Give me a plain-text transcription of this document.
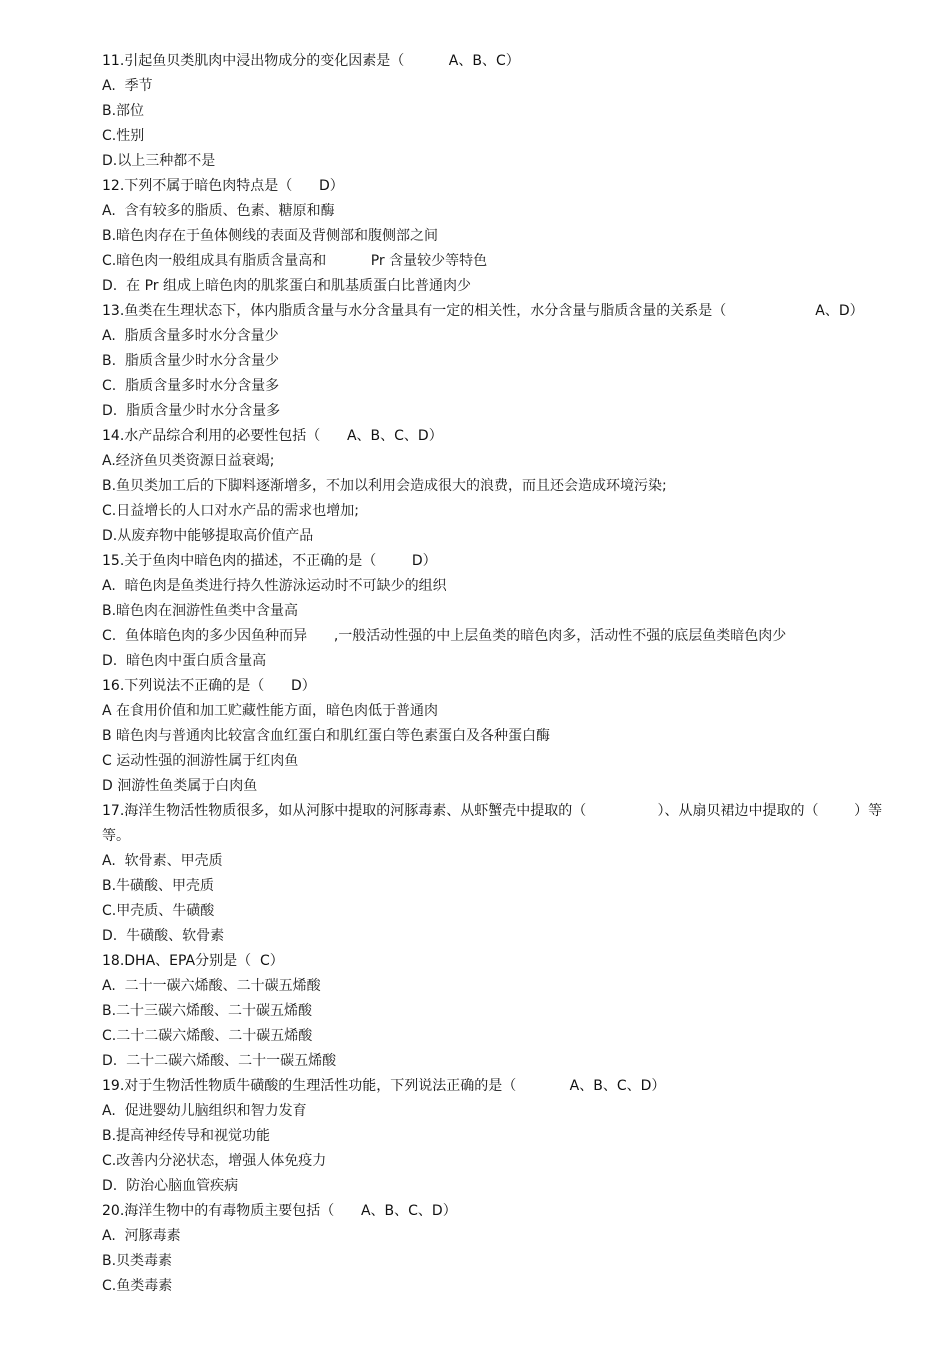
11.引起鱼贝类肌肉中浸出物成分的变化因素是（          A、B、C）
A.  季节
B.部位
C.性别
D.以上三种都不是
12.下列不属于暗色肉特点是（      D）
A.  含有较多的脂质、色素、糖原和酶
B.暗色肉存在于鱼体侧线的表面及背侧部和腹侧部之间
C.暗色肉一般组成具有脂质含量高和          Pr 含量较少等特色
D.  在 Pr 组成上暗色肉的肌浆蛋白和肌基质蛋白比普通肉少
13.鱼类在生理状态下，体内脂质含量与水分含量具有一定的相关性，水分含量与脂质含量的关系是（                    A、D）
A.  脂质含量多时水分含量少
B.  脂质含量少时水分含量少
C.  脂质含量多时水分含量多
D.  脂质含量少时水分含量多
14.水产品综合利用的必要性包括（      A、B、C、D）
A.经济鱼贝类资源日益衰竭;
B.鱼贝类加工后的下脚料逐渐增多，不加以利用会造成很大的浪费，而且还会造成环境污染;
C.日益增长的人口对水产品的需求也增加;
D.从废弃物中能够提取高价值产品
15.关于鱼肉中暗色肉的描述，不正确的是（        D）
A.  暗色肉是鱼类进行持久性游泳运动时不可缺少的组织
B.暗色肉在洄游性鱼类中含量高
C.  鱼体暗色肉的多少因鱼种而异      ,一般活动性强的中上层鱼类的暗色肉多，活动性不强的底层鱼类暗色肉少
D.  暗色肉中蛋白质含量高
16.下列说法不正确的是（      D）
A 在食用价值和加工贮藏性能方面，暗色肉低于普通肉
B 暗色肉与普通肉比较富含血红蛋白和肌红蛋白等色素蛋白及各种蛋白酶
C 运动性强的洄游性属于红肉鱼
D 洄游性鱼类属于白肉鱼
17.海洋生物活性物质很多，如从河豚中提取的河豚毒素、从虾蟹壳中提取的（                ）、从扇贝裙边中提取的（        ）等等。
A.  软骨素、甲壳质
B.牛磺酸、甲壳质
C.甲壳质、牛磺酸
D.  牛磺酸、软骨素
18.DHA、EPA分别是（  C）
A.  二十一碳六烯酸、二十碳五烯酸
B.二十三碳六烯酸、二十碳五烯酸
C.二十二碳六烯酸、二十碳五烯酸
D.  二十二碳六烯酸、二十一碳五烯酸
19.对于生物活性物质牛磺酸的生理活性功能，下列说法正确的是（            A、B、C、D）
A.  促进婴幼儿脑组织和智力发育
B.提高神经传导和视觉功能
C.改善内分泌状态，增强人体免疫力
D.  防治心脑血管疾病
20.海洋生物中的有毒物质主要包括（      A、B、C、D）
A.  河豚毒素
B.贝类毒素
C.鱼类毒素
